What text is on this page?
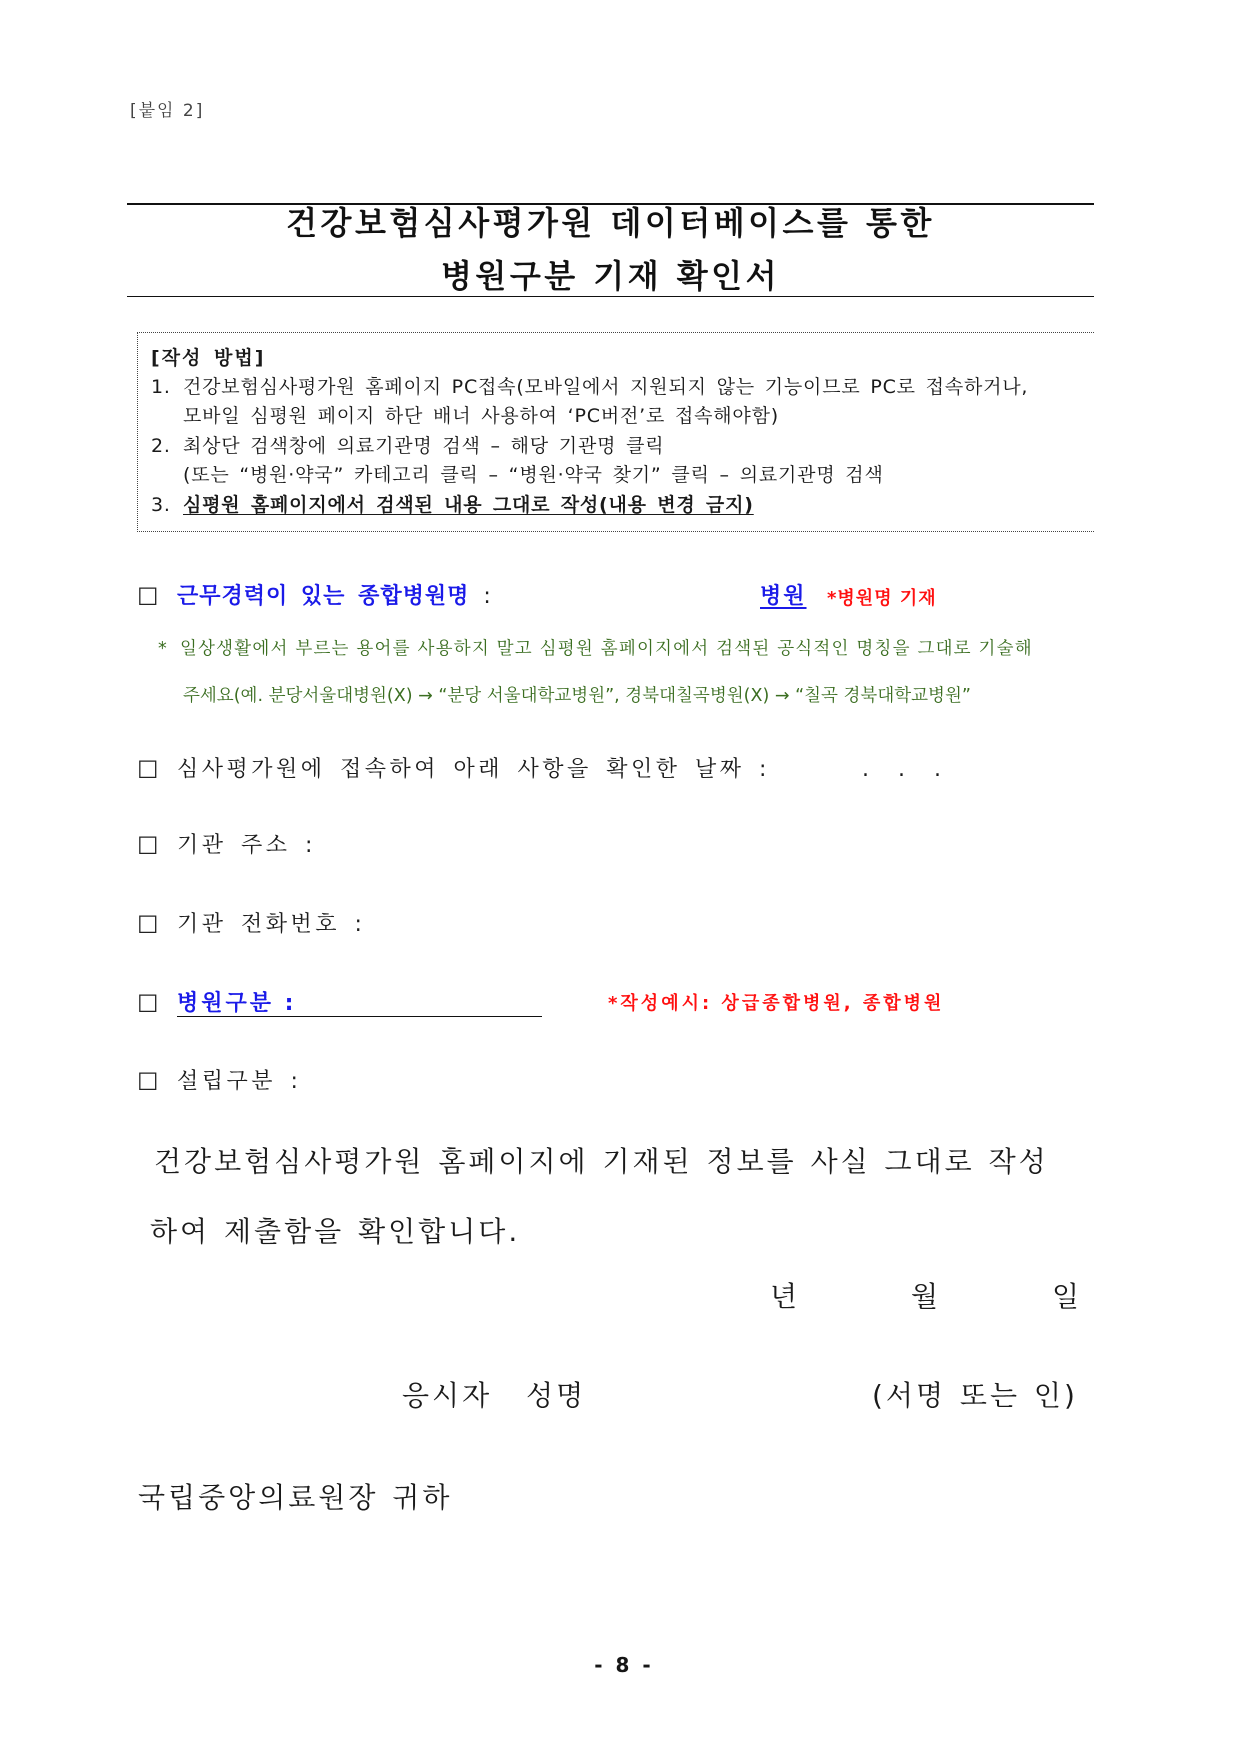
[붙임 2]
건강보험심사평가원 데이터베이스를 통한
병원구분 기재 확인서
[작성 방법]
1. 건강보험심사평가원 홈페이지 PC접속(모바일에서 지원되지 않는 기능이므로 PC로 접속하거나,
모바일 심평원 페이지 하단 배너 사용하여 ‘PC버전’로 접속해야함)
2. 최상단 검색창에 의료기관명 검색 – 해당 기관명 클릭
(또는 “병원·약국” 카테고리 클릭 – “병원·약국 찾기” 클릭 – 의료기관명 검색
3. 심평원 홈페이지에서 검색된 내용 그대로 작성(내용 변경 금지)
☐ 근무경력이 있는 종합병원명 :	병원 *병원명 기재
* 일상생활에서 부르는 용어를 사용하지 말고 심평원 홈페이지에서 검색된 공식적인 명칭을 그대로 기술해
주세요(예. 분당서울대병원(X) → “분당 서울대학교병원”, 경북대칠곡병원(X) → “칠곡 경북대학교병원”
☐ 심사평가원에 접속하여 아래 사항을 확인한 날짜 :	. . .
☐ 기관 주소 :
☐ 기관 전화번호 :
☐ 병원구분 :	*작성예시: 상급종합병원, 종합병원
☐ 설립구분 :
건강보험심사평가원 홈페이지에 기재된 정보를 사실 그대로 작성
하여 제출함을 확인합니다.
년	월	일
응시자 성명	(서명 또는 인)
국립중앙의료원장 귀하
- 8 -
